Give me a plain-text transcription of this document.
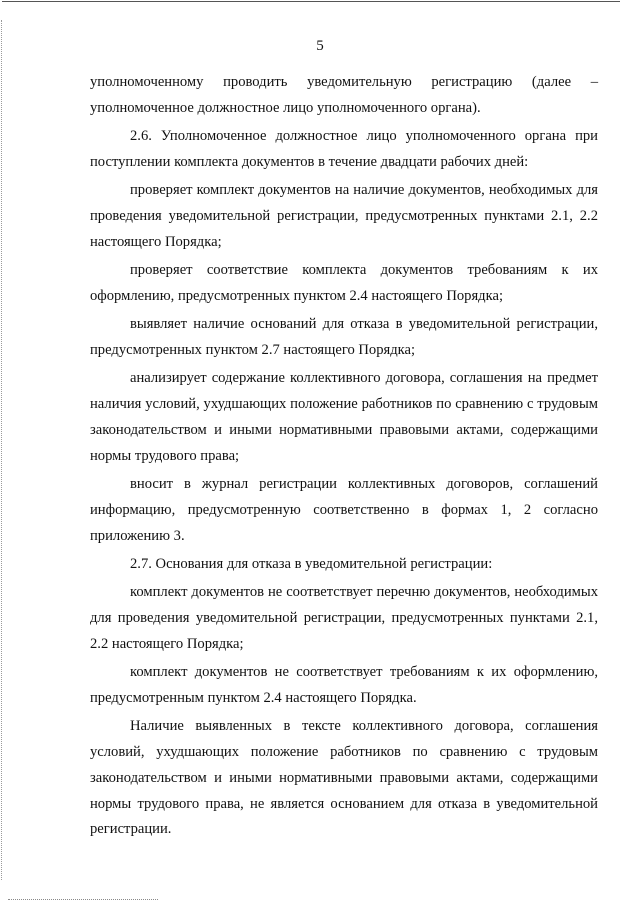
5

уполномоченному проводить уведомительную регистрацию (далее – уполномоченное должностное лицо уполномоченного органа).

2.6. Уполномоченное должностное лицо уполномоченного органа при поступлении комплекта документов в течение двадцати рабочих дней:

проверяет комплект документов на наличие документов, необходимых для проведения уведомительной регистрации, предусмотренных пунктами 2.1, 2.2 настоящего Порядка;

проверяет соответствие комплекта документов требованиям к их оформлению, предусмотренных пунктом 2.4 настоящего Порядка;

выявляет наличие оснований для отказа в уведомительной регистрации, предусмотренных пунктом 2.7 настоящего Порядка;

анализирует содержание коллективного договора, соглашения на предмет наличия условий, ухудшающих положение работников по сравнению с трудовым законодательством и иными нормативными правовыми актами, содержащими нормы трудового права;

вносит в журнал регистрации коллективных договоров, соглашений информацию, предусмотренную соответственно в формах 1, 2 согласно приложению 3.

2.7. Основания для отказа в уведомительной регистрации:

комплект документов не соответствует перечню документов, необходимых для проведения уведомительной регистрации, предусмотренных пунктами 2.1, 2.2 настоящего Порядка;

комплект документов не соответствует требованиям к их оформлению, предусмотренным пунктом 2.4 настоящего Порядка.

Наличие выявленных в тексте коллективного договора, соглашения условий, ухудшающих положение работников по сравнению с трудовым законодательством и иными нормативными правовыми актами, содержащими нормы трудового права, не является основанием для отказа в уведомительной регистрации.
